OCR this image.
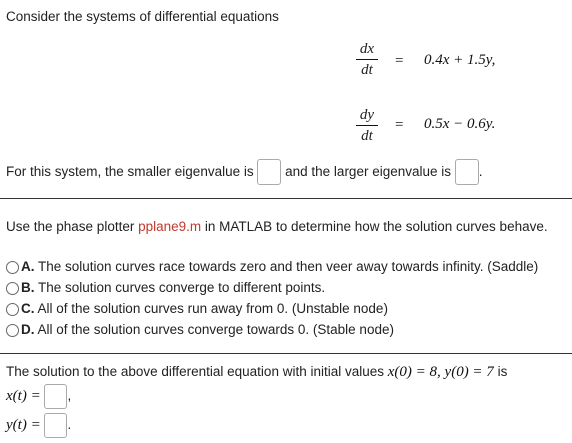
Consider the systems of differential equations
dx
dt
= 0.4x + 1.5y,
dy
dt
= 0.5x − 0.6y.
For this system, the smaller eigenvalue is and the larger eigenvalue is .
Use the phase plotter pplane9.m in MATLAB to determine how the solution curves behave.
A. The solution curves race towards zero and then veer away towards infinity. (Saddle)
B. The solution curves converge to different points.
C. All of the solution curves run away from 0. (Unstable node)
D. All of the solution curves converge towards 0. (Stable node)
The solution to the above differential equation with initial values x(0) = 8, y(0) = 7 is
x(t) = ,
y(t) = .
